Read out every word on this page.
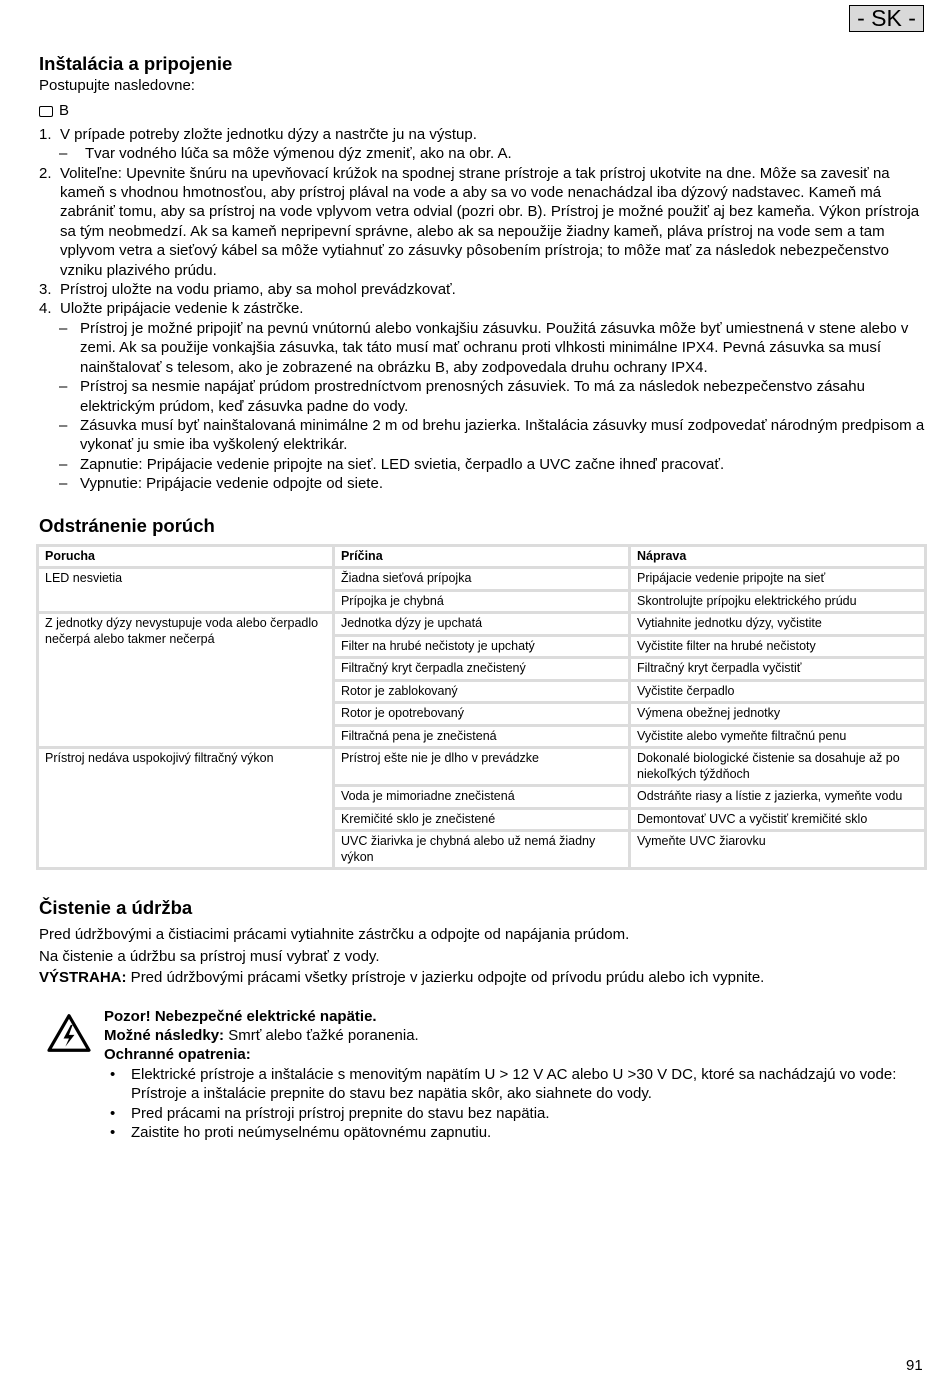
- SK -
Inštalácia a pripojenie

Postupujte nasledovne:

B
1. V prípade potreby zložte jednotku dýzy a nastrčte ju na výstup.
–	Tvar vodného lúča sa môže výmenou dýz zmeniť, ako na obr. A.
2. Voliteľne: Upevnite šnúru na upevňovací krúžok na spodnej strane prístroje a tak prístroj ukotvite na dne. Môže sa zavesiť na kameň s vhodnou hmotnosťou, aby prístroj plával na vode a aby sa vo vode nenachádzal iba dýzový nadstavec. Kameň má zabrániť tomu, aby sa prístroj na vode vplyvom vetra odvial (pozri obr. B). Prístroj je možné použiť aj bez kameňa. Výkon prístroja sa tým neobmedzí. Ak sa kameň nepripevní správne, alebo ak sa nepoužije žiadny kameň, pláva prístroj na vode sem a tam vplyvom vetra a sieťový kábel sa môže vytiahnuť zo zásuvky pôsobením prístroja; to môže mať za následok nebezpečenstvo vzniku plazivého prúdu.
3. Prístroj uložte na vodu priamo, aby sa mohol prevádzkovať.
4. Uložte pripájacie vedenie k zástrčke.
– Prístroj je možné pripojiť na pevnú vnútornú alebo vonkajšiu zásuvku. Použitá zásuvka môže byť umiestnená v stene alebo v zemi. Ak sa použije vonkajšia zásuvka, tak táto musí mať ochranu proti vlhkosti minimálne IPX4. Pevná zásuvka sa musí nainštalovať s telesom, ako je zobrazené na obrázku B, aby zodpovedala druhu ochrany IPX4.
– Prístroj sa nesmie napájať prúdom prostredníctvom prenosných zásuviek. To má za následok nebezpečenstvo zásahu elektrickým prúdom, keď zásuvka padne do vody.
– Zásuvka musí byť nainštalovaná minimálne 2 m od brehu jazierka. Inštalácia zásuvky musí zodpovedať národným predpisom a vykonať ju smie iba vyškolený elektrikár.
– Zapnutie: Pripájacie vedenie pripojte na sieť. LED svietia, čerpadlo a UVC začne ihneď pracovať.
– Vypnutie: Pripájacie vedenie odpojte od siete.
Odstránenie porúch
Porucha	Príčina	Náprava
LED nesvietia	Žiadna sieťová prípojka	Pripájacie vedenie pripojte na sieť
	Prípojka je chybná	Skontrolujte prípojku elektrického prúdu
Z jednotky dýzy nevystupuje voda alebo čerpadlo nečerpá alebo takmer nečerpá	Jednotka dýzy je upchatá	Vytiahnite jednotku dýzy, vyčistite
	Filter na hrubé nečistoty je upchatý	Vyčistite filter na hrubé nečistoty
	Filtračný kryt čerpadla znečistený	Filtračný kryt čerpadla vyčistiť
	Rotor je zablokovaný	Vyčistite čerpadlo
	Rotor je opotrebovaný	Výmena obežnej jednotky
	Filtračná pena je znečistená	Vyčistite alebo vymeňte filtračnú penu
Prístroj nedáva uspokojivý filtračný výkon	Prístroj ešte nie je dlho v prevádzke	Dokonalé biologické čistenie sa dosahuje až po niekoľkých týždňoch
	Voda je mimoriadne znečistená	Odstráňte riasy a lístie z jazierka, vymeňte vodu
	Kremičité sklo je znečistené	Demontovať UVC a vyčistiť kremičité sklo
	UVC žiarivka je chybná alebo už nemá žiadny výkon	Vymeňte UVC žiarovku
Čistenie a údržba

Pred údržbovými a čistiacimi prácami vytiahnite zástrčku a odpojte od napájania prúdom.

Na čistenie a údržbu sa prístroj musí vybrať z vody.

VÝSTRAHA: Pred údržbovými prácami všetky prístroje v jazierku odpojte od prívodu prúdu alebo ich vypnite.

Pozor! Nebezpečné elektrické napätie.

Možné následky: Smrť alebo ťažké poranenia.

Ochranné opatrenia:

•	Elektrické prístroje a inštalácie s menovitým napätím U > 12 V AC alebo U >30 V DC, ktoré sa nachádzajú vo vode: Prístroje a inštalácie prepnite do stavu bez napätia skôr, ako siahnete do vody.
•	Pred prácami na prístroji prístroj prepnite do stavu bez napätia.
•	Zaistite ho proti neúmyselnému opätovnému zapnutiu.
91
